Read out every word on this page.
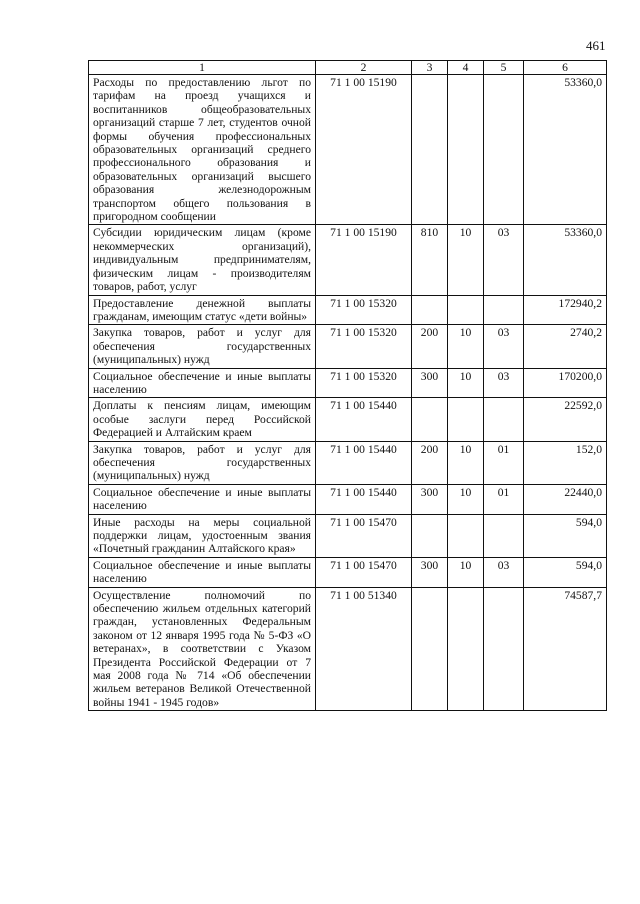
461
1	2	3	4	5	6
Расходы по предоставлению льгот по тарифам на проезд учащихся и воспитанников общеобразовательных организаций старше 7 лет, студентов очной формы обучения профессиональных образовательных организаций среднего профессионального образования и образовательных организаций высшего образования железнодорожным транспортом общего пользования в пригородном сообщении	71 1 00 15190				53360,0
Субсидии юридическим лицам (кроме некоммерческих организаций), индивидуальным предпринимателям, физическим лицам - производителям товаров, работ, услуг	71 1 00 15190	810	10	03	53360,0
Предоставление денежной выплаты гражданам, имеющим статус «дети войны»	71 1 00 15320				172940,2
Закупка товаров, работ и услуг для обеспечения государственных (муниципальных) нужд	71 1 00 15320	200	10	03	2740,2
Социальное обеспечение и иные выплаты населению	71 1 00 15320	300	10	03	170200,0
Доплаты к пенсиям лицам, имеющим особые заслуги перед Российской Федерацией и Алтайским краем	71 1 00 15440				22592,0
Закупка товаров, работ и услуг для обеспечения государственных (муниципальных) нужд	71 1 00 15440	200	10	01	152,0
Социальное обеспечение и иные выплаты населению	71 1 00 15440	300	10	01	22440,0
Иные расходы на меры социальной поддержки лицам, удостоенным звания «Почетный гражданин Алтайского края»	71 1 00 15470				594,0
Социальное обеспечение и иные выплаты населению	71 1 00 15470	300	10	03	594,0
Осуществление полномочий по обеспечению жильем отдельных категорий граждан, установленных Федеральным законом от 12 января 1995 года № 5-ФЗ «О ветеранах», в соответствии с Указом Президента Российской Федерации от 7 мая 2008 года № 714 «Об обеспечении жильем ветеранов Великой Отечественной войны 1941 - 1945 годов»	71 1 00 51340				74587,7
